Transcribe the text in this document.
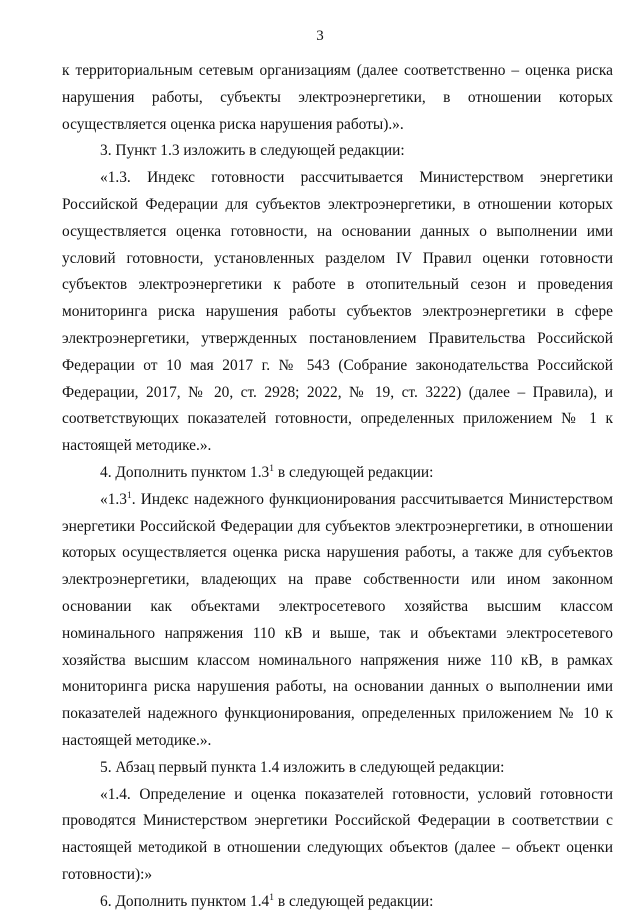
3

к территориальным сетевым организациям (далее соответственно – оценка риска нарушения работы, субъекты электроэнергетики, в отношении которых осуществляется оценка риска нарушения работы).».

3. Пункт 1.3 изложить в следующей редакции:

«1.3. Индекс готовности рассчитывается Министерством энергетики Российской Федерации для субъектов электроэнергетики, в отношении которых осуществляется оценка готовности, на основании данных о выполнении ими условий готовности, установленных разделом IV Правил оценки готовности субъектов электроэнергетики к работе в отопительный сезон и проведения мониторинга риска нарушения работы субъектов электроэнергетики в сфере электроэнергетики, утвержденных постановлением Правительства Российской Федерации от 10 мая 2017 г. № 543 (Собрание законодательства Российской Федерации, 2017, № 20, ст. 2928; 2022, № 19, ст. 3222) (далее – Правила), и соответствующих показателей готовности, определенных приложением № 1 к настоящей методике.».

4. Дополнить пунктом $1.3^1$ в следующей редакции:

«$1.3^1$. Индекс надежного функционирования рассчитывается Министерством энергетики Российской Федерации для субъектов электроэнергетики, в отношении которых осуществляется оценка риска нарушения работы, а также для субъектов электроэнергетики, владеющих на праве собственности или ином законном основании как объектами электросетевого хозяйства высшим классом номинального напряжения 110 кВ и выше, так и объектами электросетевого хозяйства высшим классом номинального напряжения ниже 110 кВ, в рамках мониторинга риска нарушения работы, на основании данных о выполнении ими показателей надежного функционирования, определенных приложением № 10 к настоящей методике.».

5. Абзац первый пункта 1.4 изложить в следующей редакции:

«1.4. Определение и оценка показателей готовности, условий готовности проводятся Министерством энергетики Российской Федерации в соответствии с настоящей методикой в отношении следующих объектов (далее – объект оценки готовности):»

6. Дополнить пунктом $1.4^1$ в следующей редакции:
